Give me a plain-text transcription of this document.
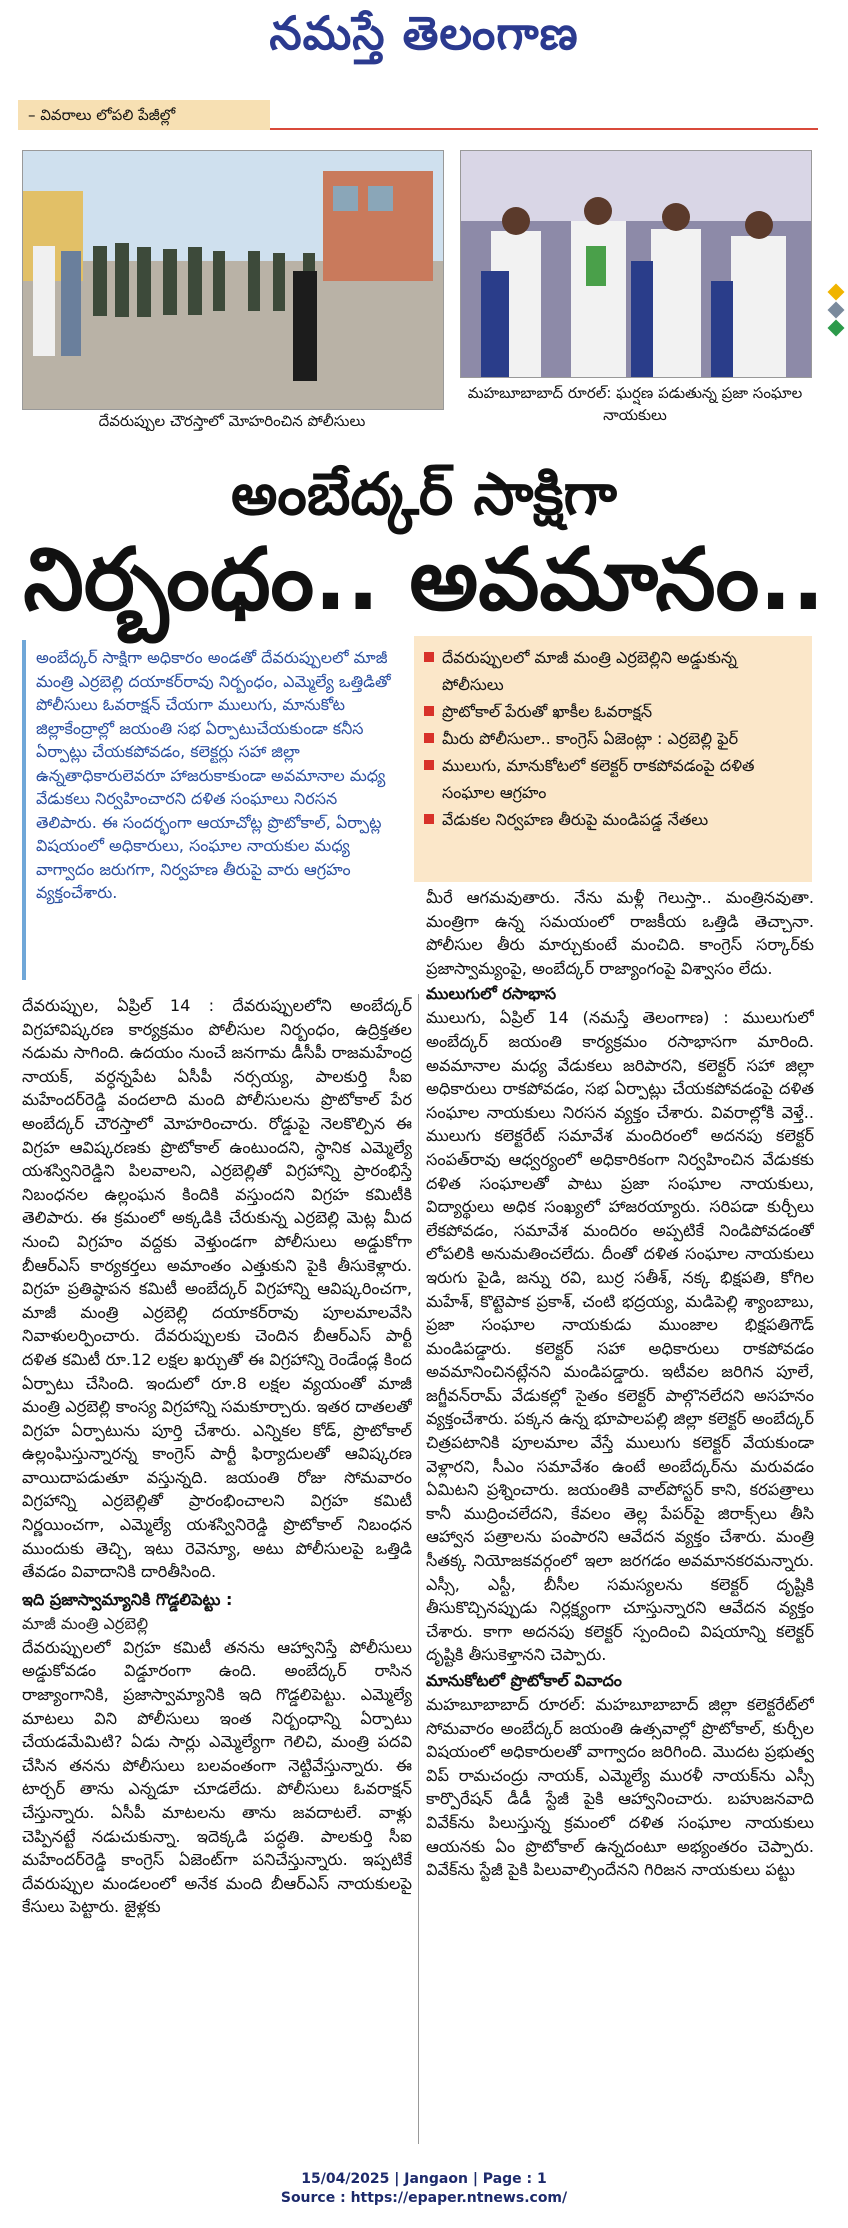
నమస్తే తెలంగాణ
– వివరాలు లోపలి పేజీల్లో
దేవరుప్పుల చౌరస్తాలో మోహరించిన పోలీసులు
మహబూబాబాద్ రూరల్: ఘర్షణ పడుతున్న ప్రజా సంఘాల నాయకులు
అంబేద్కర్ సాక్షిగా
నిర్బంధం.. అవమానం..
అంబేద్కర్ సాక్షిగా అధికారం అండతో దేవరుప్పులలో మాజీ మంత్రి ఎర్రబెల్లి దయాకర్‌రావు నిర్బంధం, ఎమ్మెల్యే ఒత్తిడితో పోలీసులు ఓవరాక్షన్ చేయగా ములుగు, మానుకోట జిల్లాకేంద్రాల్లో జయంతి సభ ఏర్పాటుచేయకుండా కనీస ఏర్పాట్లు చేయకపోవడం, కలెక్టర్లు సహా జిల్లా ఉన్నతాధికారులెవరూ హాజరుకాకుండా అవమానాల మధ్య వేడుకలు నిర్వహించారని దళిత సంఘాలు నిరసన తెలిపారు. ఈ సందర్భంగా ఆయాచోట్ల ప్రొటోకాల్, ఏర్పాట్ల విషయంలో అధికారులు, సంఘాల నాయకుల మధ్య వాగ్వాదం జరుగగా, నిర్వహణ తీరుపై వారు ఆగ్రహం వ్యక్తంచేశారు.
దేవరుప్పులలో మాజీ మంత్రి ఎర్రబెల్లిని అడ్డుకున్న పోలీసులు
ప్రొటోకాల్ పేరుతో ఖాకీల ఓవరాక్షన్
మీరు పోలీసులా.. కాంగ్రెస్ ఏజెంట్లా : ఎర్రబెల్లి ఫైర్
ములుగు, మానుకోటలో కలెక్టర్ రాకపోవడంపై దళిత సంఘాల ఆగ్రహం
వేడుకల నిర్వహణ తీరుపై మండిపడ్డ నేతలు
దేవరుప్పుల, ఏప్రిల్ 14 : దేవరుప్పులలోని అంబేద్కర్ విగ్రహావిష్కరణ కార్యక్రమం పోలీసుల నిర్బంధం, ఉద్రిక్తతల నడుమ సాగింది. ఉదయం నుంచే జనగామ డీసీపీ రాజమహేంద్ర నాయక్, వర్ధన్నపేట ఏసీపీ నర్సయ్య, పాలకుర్తి సీఐ మహేందర్‌రెడ్డి వందలాది మంది పోలీసులను ప్రొటోకాల్ పేర అంబేద్కర్ చౌరస్తాలో మోహరించారు. రోడ్డుపై నెలకొల్పిన ఈ విగ్రహ ఆవిష్కరణకు ప్రొటోకాల్ ఉంటుందని, స్థానిక ఎమ్మెల్యే యశస్వినిరెడ్డిని పిలవాలని, ఎర్రబెల్లితో విగ్రహాన్ని ప్రారంభిస్తే నిబంధనల ఉల్లంఘన కిందికి వస్తుందని విగ్రహ కమిటీకి తెలిపారు. ఈ క్రమంలో అక్కడికి చేరుకున్న ఎర్రబెల్లి మెట్ల మీద నుంచి విగ్రహం వద్దకు వెళ్తుండగా పోలీసులు అడ్డుకోగా బీఆర్‌ఎస్ కార్యకర్తలు అమాంతం ఎత్తుకుని పైకి తీసుకెళ్లారు. విగ్రహ ప్రతిష్ఠాపన కమిటీ అంబేద్కర్ విగ్రహాన్ని ఆవిష్కరించగా, మాజీ మంత్రి ఎర్రబెల్లి దయాకర్‌రావు పూలమాలవేసి నివాళులర్పించారు. దేవరుప్పులకు చెందిన బీఆర్‌ఎస్ పార్టీ దళిత కమిటీ రూ.12 లక్షల ఖర్చుతో ఈ విగ్రహాన్ని రెండేండ్ల కింద ఏర్పాటు చేసింది. ఇందులో రూ.8 లక్షల వ్యయంతో మాజీ మంత్రి ఎర్రబెల్లి కాంస్య విగ్రహాన్ని సమకూర్చారు. ఇతర దాతలతో విగ్రహ ఏర్పాటును పూర్తి చేశారు. ఎన్నికల కోడ్, ప్రొటోకాల్ ఉల్లంఘిస్తున్నారన్న కాంగ్రెస్ పార్టీ ఫిర్యాదులతో ఆవిష్కరణ వాయిదాపడుతూ వస్తున్నది. జయంతి రోజు సోమవారం విగ్రహాన్ని ఎర్రబెల్లితో ప్రారంభించాలని విగ్రహ కమిటీ నిర్ణయించగా, ఎమ్మెల్యే యశస్వినిరెడ్డి ప్రొటోకాల్ నిబంధన ముందుకు తెచ్చి, ఇటు రెవెన్యూ, అటు పోలీసులపై ఒత్తిడి తేవడం వివాదానికి దారితీసింది.
ఇది ప్రజాస్వామ్యానికి గొడ్డలిపెట్టు :
మాజీ మంత్రి ఎర్రబెల్లి
దేవరుప్పులలో విగ్రహ కమిటీ తనను ఆహ్వానిస్తే పోలీసులు అడ్డుకోవడం విడ్డూరంగా ఉంది. అంబేద్కర్ రాసిన రాజ్యాంగానికి, ప్రజాస్వామ్యానికి ఇది గొడ్డలిపెట్టు. ఎమ్మెల్యే మాటలు విని పోలీసులు ఇంత నిర్బంధాన్ని ఏర్పాటు చేయడమేమిటి? ఏడు సార్లు ఎమ్మెల్యేగా గెలిచి, మంత్రి పదవి చేసిన తనను పోలీసులు బలవంతంగా నెట్టివేస్తున్నారు. ఈ టార్చర్ తాను ఎన్నడూ చూడలేదు. పోలీసులు ఓవరాక్షన్ చేస్తున్నారు. ఏసీపీ మాటలను తాను జవదాటలే. వాళ్లు చెప్పినట్టే నడుచుకున్నా. ఇదెక్కడి పద్ధతి. పాలకుర్తి సీఐ మహేందర్‌రెడ్డి కాంగ్రెస్ ఏజెంట్‌గా పనిచేస్తున్నారు. ఇప్పటికే దేవరుప్పుల మండలంలో అనేక మంది బీఆర్‌ఎస్ నాయకులపై కేసులు పెట్టారు. జైళ్లకు
మీరే ఆగమవుతారు. నేను మళ్లీ గెలుస్తా.. మంత్రినవుతా. మంత్రిగా ఉన్న సమయంలో రాజకీయ ఒత్తిడి తెచ్చానా. పోలీసుల తీరు మార్చుకుంటే మంచిది. కాంగ్రెస్ సర్కార్‌కు ప్రజాస్వామ్యంపై, అంబేద్కర్ రాజ్యాంగంపై విశ్వాసం లేదు.
ములుగులో రసాభాస
ములుగు, ఏప్రిల్ 14 (నమస్తే తెలంగాణ) : ములుగులో అంబేద్కర్ జయంతి కార్యక్రమం రసాభాసగా మారింది. అవమానాల మధ్య వేడుకలు జరిపారని, కలెక్టర్ సహా జిల్లా అధికారులు రాకపోవడం, సభ ఏర్పాట్లు చేయకపోవడంపై దళిత సంఘాల నాయకులు నిరసన వ్యక్తం చేశారు. వివరాల్లోకి వెళ్తే.. ములుగు కలెక్టరేట్ సమావేశ మందిరంలో అదనపు కలెక్టర్ సంపత్‌రావు ఆధ్వర్యంలో అధికారికంగా నిర్వహించిన వేడుకకు దళిత సంఘాలతో పాటు ప్రజా సంఘాల నాయకులు, విద్యార్థులు అధిక సంఖ్యలో హాజరయ్యారు. సరిపడా కుర్చీలు లేకపోవడం, సమావేశ మందిరం అప్పటికే నిండిపోవడంతో లోపలికి అనుమతించలేదు. దీంతో దళిత సంఘాల నాయకులు ఇరుగు పైడి, జన్ను రవి, బుర్ర సతీశ్, నక్క భిక్షపతి, కోగిల మహేశ్, కొట్టెపాక ప్రకాశ్, చంటి భద్రయ్య, మడిపెల్లి శ్యాంబాబు, ప్రజా సంఘాల నాయకుడు ముంజాల భిక్షపతిగౌడ్ మండిపడ్డారు. కలెక్టర్ సహా అధికారులు రాకపోవడం అవమానించినట్లేనని మండిపడ్డారు. ఇటీవల జరిగిన పూలే, జగ్జీవన్‌రామ్ వేడుకల్లో సైతం కలెక్టర్ పాల్గొనలేదని అసహనం వ్యక్తంచేశారు. పక్కన ఉన్న భూపాలపల్లి జిల్లా కలెక్టర్ అంబేద్కర్ చిత్రపటానికి పూలమాల వేస్తే ములుగు కలెక్టర్ వేయకుండా వెళ్లారని, సీఎం సమావేశం ఉంటే అంబేద్కర్‌ను మరువడం ఏమిటని ప్రశ్నించారు. జయంతికి వాల్‌పోస్టర్ కాని, కరపత్రాలు కానీ ముద్రించలేదని, కేవలం తెల్ల పేపర్‌పై జిరాక్స్‌లు తీసి ఆహ్వాన పత్రాలను పంపారని ఆవేదన వ్యక్తం చేశారు. మంత్రి సీతక్క నియోజకవర్గంలో ఇలా జరగడం అవమానకరమన్నారు. ఎస్సీ, ఎస్టీ, బీసీల సమస్యలను కలెక్టర్ దృష్టికి తీసుకొచ్చినప్పుడు నిర్లక్ష్యంగా చూస్తున్నారని ఆవేదన వ్యక్తం చేశారు. కాగా అదనపు కలెక్టర్ స్పందించి విషయాన్ని కలెక్టర్ దృష్టికి తీసుకెళ్తానని చెప్పారు.
మానుకోటలో ప్రొటోకాల్ వివాదం
మహబూబాబాద్ రూరల్: మహబూబాబాద్ జిల్లా కలెక్టరేట్‌లో సోమవారం అంబేద్కర్ జయంతి ఉత్సవాల్లో ప్రొటోకాల్, కుర్చీల విషయంలో అధికారులతో వాగ్వాదం జరిగింది. మొదట ప్రభుత్వ విప్ రామచంద్రు నాయక్, ఎమ్మెల్యే మురళీ నాయక్‌ను ఎస్సీ కార్పొరేషన్ డీడీ స్టేజీ పైకి ఆహ్వానించారు. బహుజనవాది వివేక్‌ను పిలుస్తున్న క్రమంలో దళిత సంఘాల నాయకులు ఆయనకు ఏం ప్రొటోకాల్ ఉన్నదంటూ అభ్యంతరం చెప్పారు. వివేక్‌ను స్టేజీ పైకి పిలువాల్సిందేనని గిరిజన నాయకులు పట్టు
15/04/2025 | Jangaon | Page : 1
Source : https://epaper.ntnews.com/
